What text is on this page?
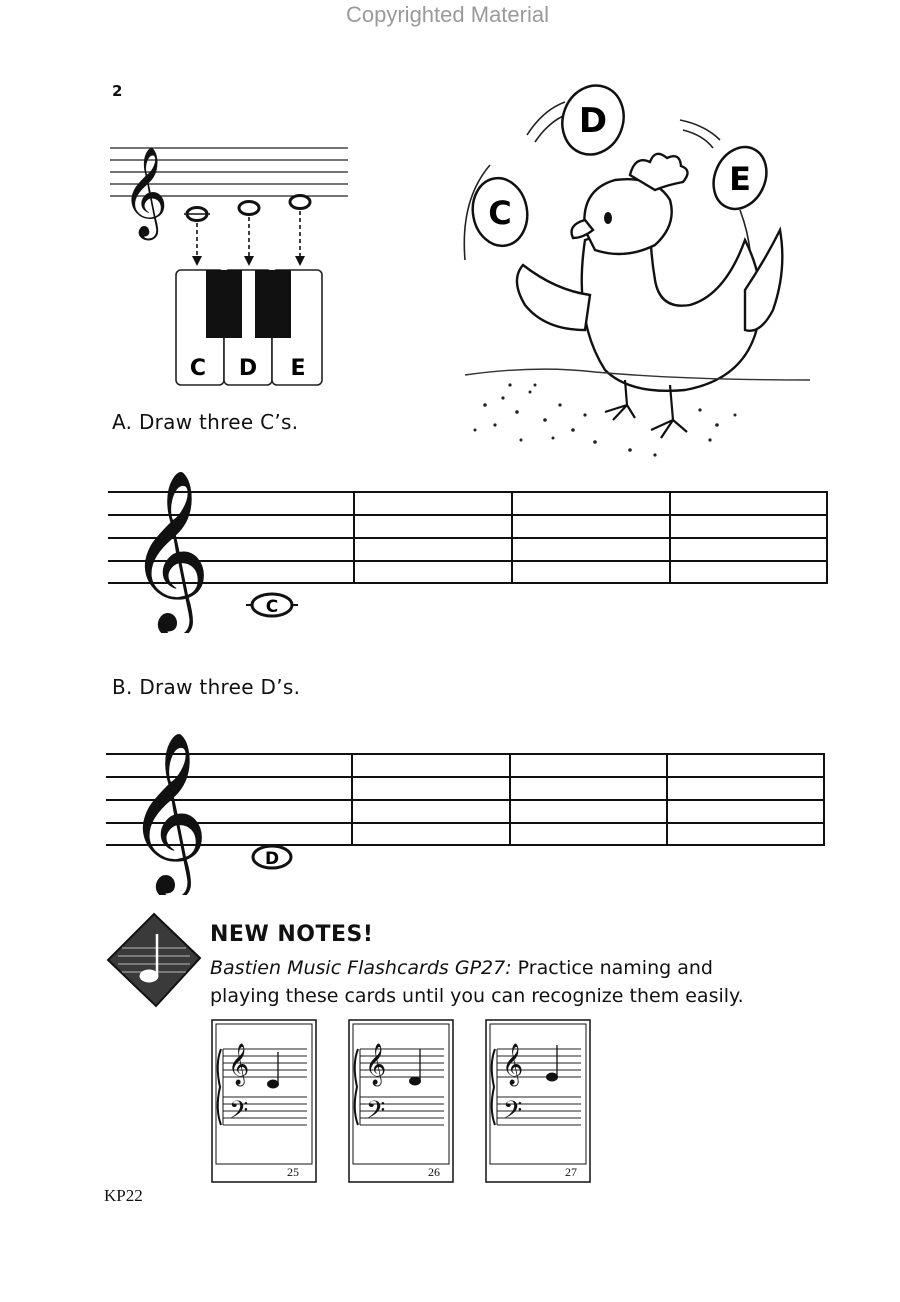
Copyrighted Material
2
𝄞
C D E
C
D
E
A. Draw three C’s.
𝄞	C
B. Draw three D’s.
𝄞	D
NEW NOTES!
Bastien Music Flashcards GP27: Practice naming and
playing these cards until you can recognize them easily.
𝄞
𝄢
25
𝄞
𝄢
26
𝄞
𝄢
27
KP22
